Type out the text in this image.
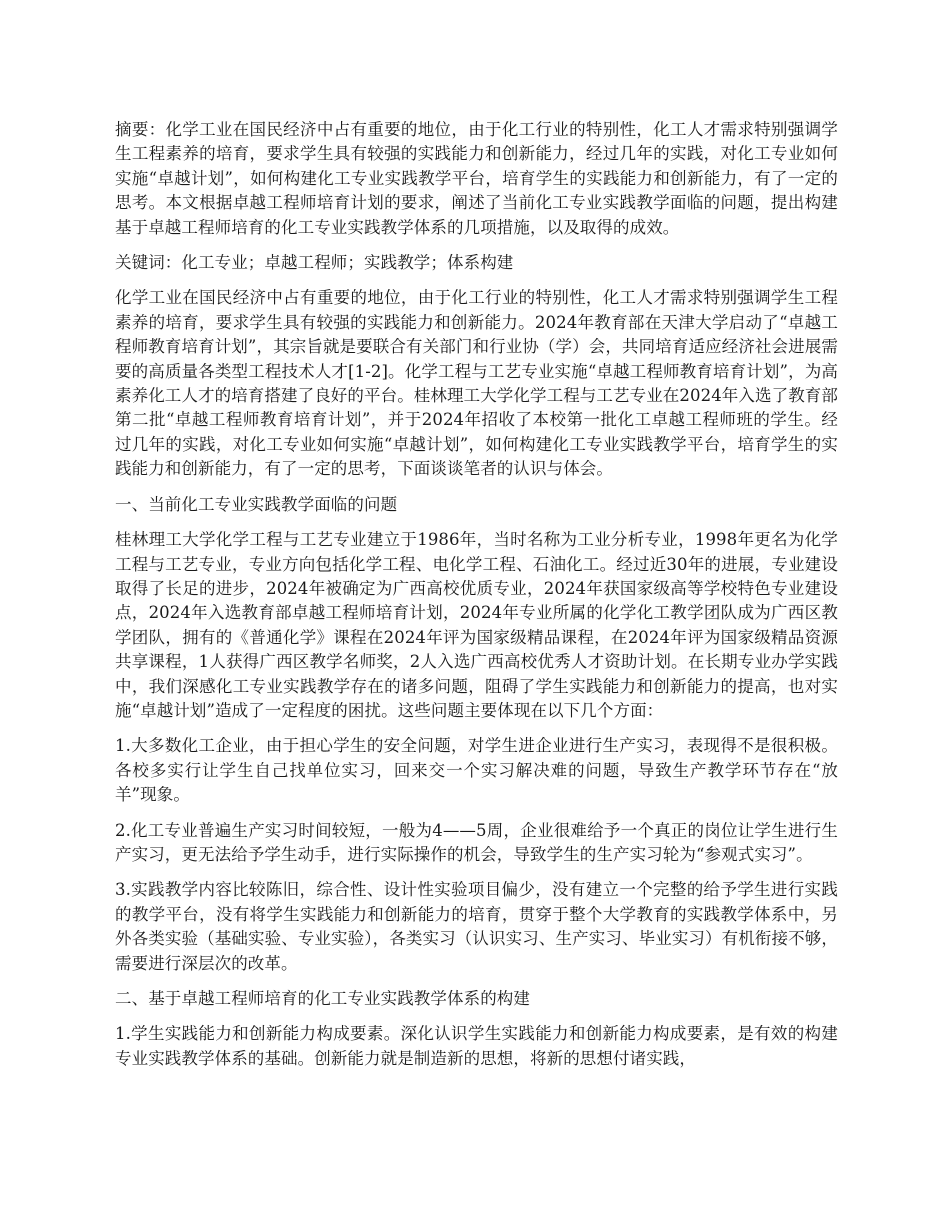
摘要：化学工业在国民经济中占有重要的地位，由于化工行业的特别性，化工人才需求特别强调学生工程素养的培育，要求学生具有较强的实践能力和创新能力，经过几年的实践，对化工专业如何实施“卓越计划”，如何构建化工专业实践教学平台，培育学生的实践能力和创新能力，有了一定的思考。本文根据卓越工程师培育计划的要求，阐述了当前化工专业实践教学面临的问题，提出构建基于卓越工程师培育的化工专业实践教学体系的几项措施，以及取得的成效。

关键词：化工专业；卓越工程师；实践教学；体系构建

化学工业在国民经济中占有重要的地位，由于化工行业的特别性，化工人才需求特别强调学生工程素养的培育，要求学生具有较强的实践能力和创新能力。2024年教育部在天津大学启动了“卓越工程师教育培育计划”，其宗旨就是要联合有关部门和行业协（学）会，共同培育适应经济社会进展需要的高质量各类型工程技术人才[1-2]。化学工程与工艺专业实施“卓越工程师教育培育计划”，为高素养化工人才的培育搭建了良好的平台。桂林理工大学化学工程与工艺专业在2024年入选了教育部第二批“卓越工程师教育培育计划”，并于2024年招收了本校第一批化工卓越工程师班的学生。经过几年的实践，对化工专业如何实施“卓越计划”，如何构建化工专业实践教学平台，培育学生的实践能力和创新能力，有了一定的思考，下面谈谈笔者的认识与体会。

一、当前化工专业实践教学面临的问题

桂林理工大学化学工程与工艺专业建立于1986年，当时名称为工业分析专业，1998年更名为化学工程与工艺专业，专业方向包括化学工程、电化学工程、石油化工。经过近30年的进展，专业建设取得了长足的进步，2024年被确定为广西高校优质专业，2024年获国家级高等学校特色专业建设点，2024年入选教育部卓越工程师培育计划，2024年专业所属的化学化工教学团队成为广西区教学团队，拥有的《普通化学》课程在2024年评为国家级精品课程，在2024年评为国家级精品资源共享课程，1人获得广西区教学名师奖，2人入选广西高校优秀人才资助计划。在长期专业办学实践中，我们深感化工专业实践教学存在的诸多问题，阻碍了学生实践能力和创新能力的提高，也对实施“卓越计划”造成了一定程度的困扰。这些问题主要体现在以下几个方面：

1.大多数化工企业，由于担心学生的安全问题，对学生进企业进行生产实习，表现得不是很积极。各校多实行让学生自己找单位实习，回来交一个实习解决难的问题，导致生产教学环节存在“放羊”现象。

2.化工专业普遍生产实习时间较短，一般为4——5周，企业很难给予一个真正的岗位让学生进行生产实习，更无法给予学生动手，进行实际操作的机会，导致学生的生产实习轮为“参观式实习”。

3.实践教学内容比较陈旧，综合性、设计性实验项目偏少，没有建立一个完整的给予学生进行实践的教学平台，没有将学生实践能力和创新能力的培育，贯穿于整个大学教育的实践教学体系中，另外各类实验（基础实验、专业实验），各类实习（认识实习、生产实习、毕业实习）有机衔接不够，需要进行深层次的改革。

二、基于卓越工程师培育的化工专业实践教学体系的构建

1.学生实践能力和创新能力构成要素。深化认识学生实践能力和创新能力构成要素，是有效的构建专业实践教学体系的基础。创新能力就是制造新的思想，将新的思想付诸实践，
